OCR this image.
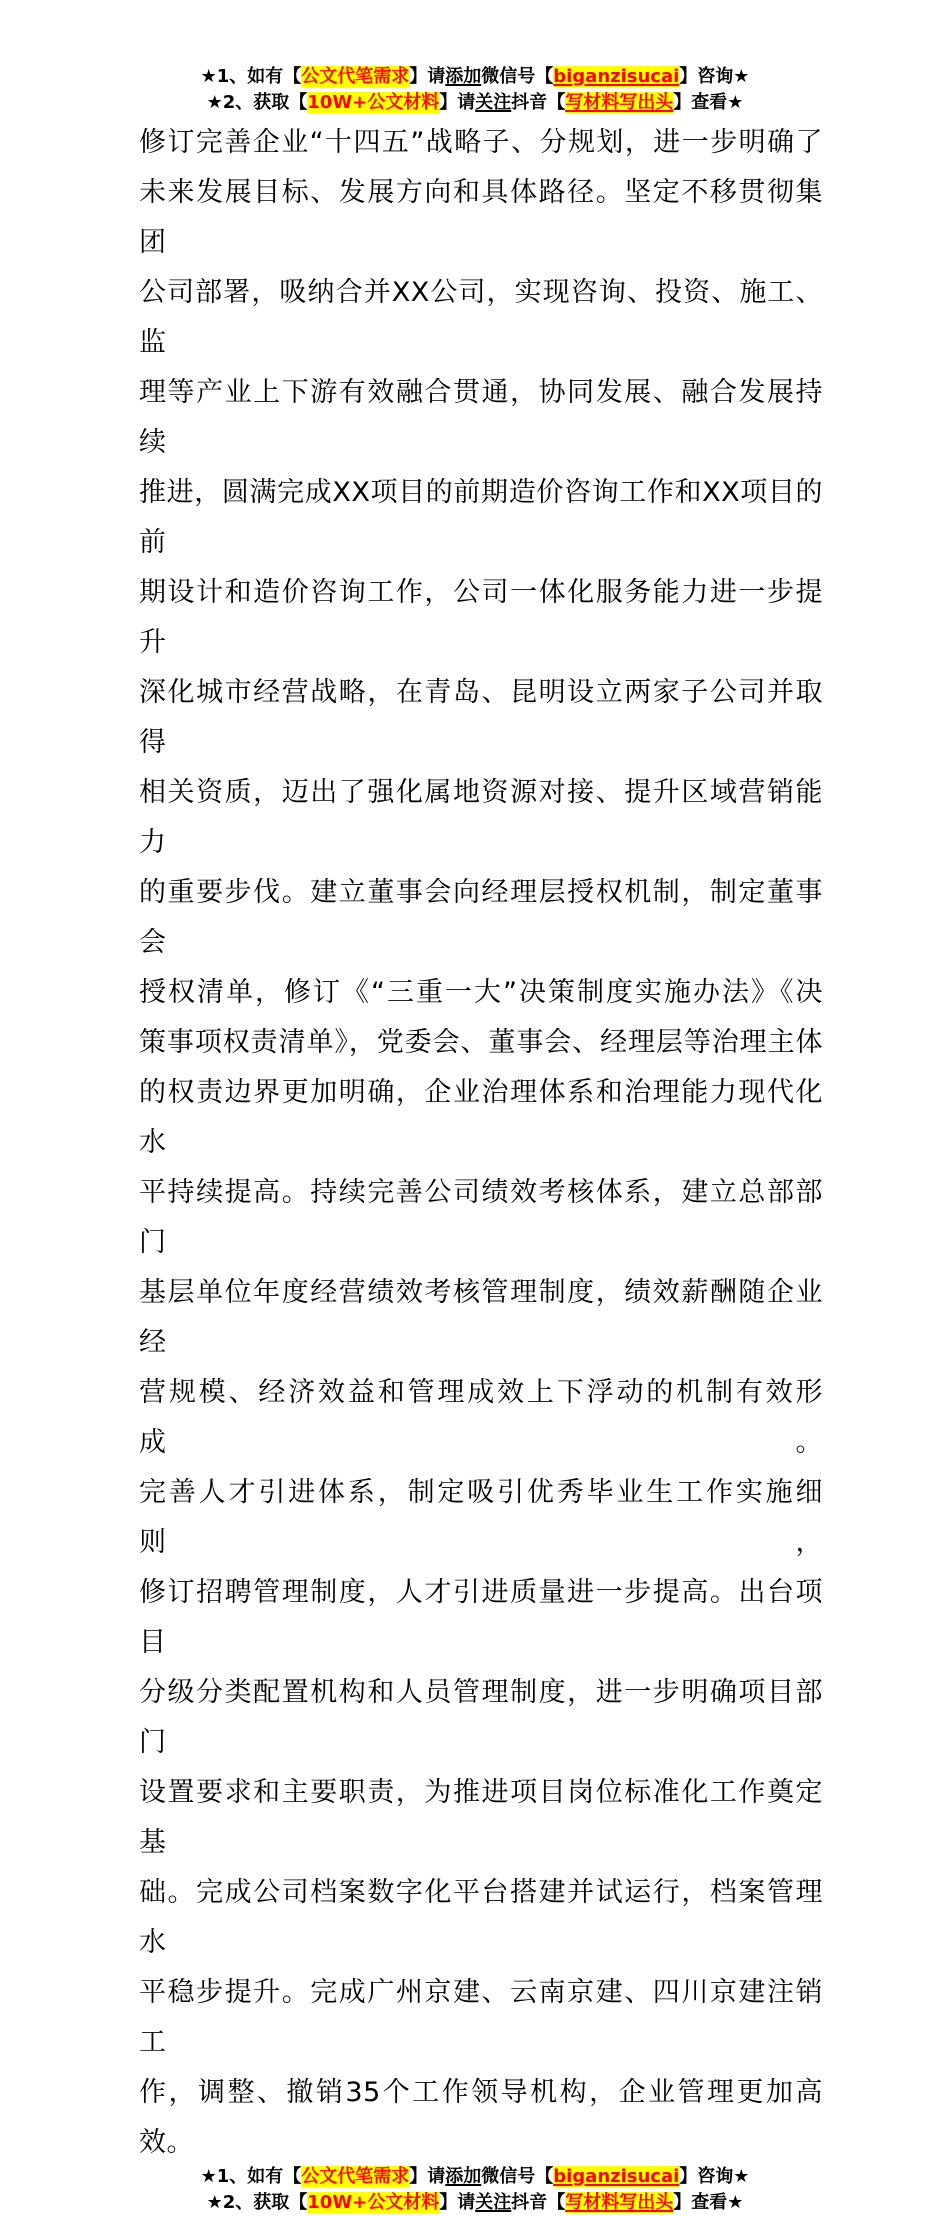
★1、如有【公文代笔需求】请添加微信号【biganzisucai】咨询★
★2、获取【10W+公文材料】请关注抖音【写材料写出头】查看★
修订完善企业“十四五”战略子、分规划，进一步明确了
未来发展目标、发展方向和具体路径。坚定不移贯彻集团
公司部署，吸纳合并XX公司，实现咨询、投资、施工、监
理等产业上下游有效融合贯通，协同发展、融合发展持续
推进，圆满完成XX项目的前期造价咨询工作和XX项目的前
期设计和造价咨询工作，公司一体化服务能力进一步提升
深化城市经营战略，在青岛、昆明设立两家子公司并取得
相关资质，迈出了强化属地资源对接、提升区域营销能力
的重要步伐。建立董事会向经理层授权机制，制定董事会
授权清单，修订《“三重一大”决策制度实施办法》《决
策事项权责清单》，党委会、董事会、经理层等治理主体
的权责边界更加明确，企业治理体系和治理能力现代化水
平持续提高。持续完善公司绩效考核体系，建立总部部门
基层单位年度经营绩效考核管理制度，绩效薪酬随企业经
营规模、经济效益和管理成效上下浮动的机制有效形成。
完善人才引进体系，制定吸引优秀毕业生工作实施细则，
修订招聘管理制度，人才引进质量进一步提高。出台项目
分级分类配置机构和人员管理制度，进一步明确项目部门
设置要求和主要职责，为推进项目岗位标准化工作奠定基
础。完成公司档案数字化平台搭建并试运行，档案管理水
平稳步提升。完成广州京建、云南京建、四川京建注销工
作，调整、撤销35个工作领导机构，企业管理更加高效。
★1、如有【公文代笔需求】请添加微信号【biganzisucai】咨询★
★2、获取【10W+公文材料】请关注抖音【写材料写出头】查看★
